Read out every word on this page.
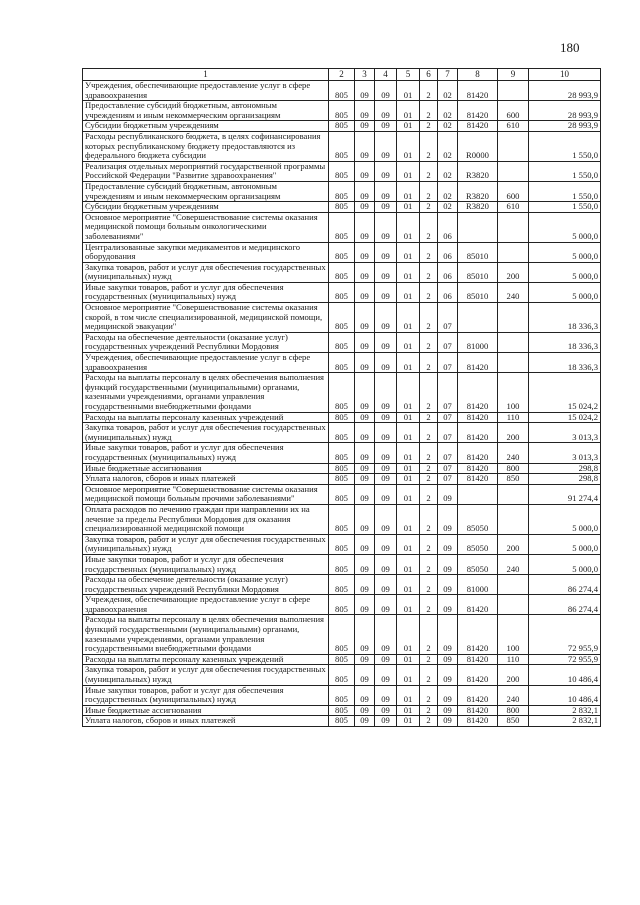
180
1	2	3	4	5	6	7	8	9	10
Учреждения, обеспечивающие предоставление услуг в сфере здравоохранения	805	09	09	01	2	02	81420		28 993,9
Предоставление субсидий бюджетным, автономным учреждениям и иным некоммерческим организациям	805	09	09	01	2	02	81420	600	28 993,9
Субсидии бюджетным учреждениям	805	09	09	01	2	02	81420	610	28 993,9
Расходы республиканского бюджета, в целях софинансирования которых республиканскому бюджету предоставляются из федерального бюджета субсидии	805	09	09	01	2	02	R0000		1 550,0
Реализация отдельных мероприятий государственной программы Российской Федерации "Развитие здравоохранения"	805	09	09	01	2	02	R3820		1 550,0
Предоставление субсидий бюджетным, автономным учреждениям и иным некоммерческим организациям	805	09	09	01	2	02	R3820	600	1 550,0
Субсидии бюджетным учреждениям	805	09	09	01	2	02	R3820	610	1 550,0
Основное мероприятие "Совершенствование системы оказания медицинской помощи больным онкологическими заболеваниями"	805	09	09	01	2	06			5 000,0
Централизованные закупки медикаментов и медицинского оборудования	805	09	09	01	2	06	85010		5 000,0
Закупка товаров, работ и услуг для обеспечения государственных (муниципальных) нужд	805	09	09	01	2	06	85010	200	5 000,0
Иные закупки товаров, работ и услуг для обеспечения государственных (муниципальных) нужд	805	09	09	01	2	06	85010	240	5 000,0
Основное мероприятие "Совершенствование системы оказания скорой, в том числе специализированной, медицинской помощи, медицинской эвакуации"	805	09	09	01	2	07			18 336,3
Расходы на обеспечение деятельности (оказание услуг) государственных учреждений Республики Мордовия	805	09	09	01	2	07	81000		18 336,3
Учреждения, обеспечивающие предоставление услуг в сфере здравоохранения	805	09	09	01	2	07	81420		18 336,3
Расходы на выплаты персоналу в целях обеспечения выполнения функций государственными (муниципальными) органами, казенными учреждениями, органами управления государственными внебюджетными фондами	805	09	09	01	2	07	81420	100	15 024,2
Расходы на выплаты персоналу казенных учреждений	805	09	09	01	2	07	81420	110	15 024,2
Закупка товаров, работ и услуг для обеспечения государственных (муниципальных) нужд	805	09	09	01	2	07	81420	200	3 013,3
Иные закупки товаров, работ и услуг для обеспечения государственных (муниципальных) нужд	805	09	09	01	2	07	81420	240	3 013,3
Иные бюджетные ассигнования	805	09	09	01	2	07	81420	800	298,8
Уплата налогов, сборов и иных платежей	805	09	09	01	2	07	81420	850	298,8
Основное мероприятие "Совершенствование системы оказания медицинской помощи больным прочими заболеваниями"	805	09	09	01	2	09			91 274,4
Оплата расходов по лечению граждан при направлении их на лечение за пределы Республики Мордовия для оказания специализированной медицинской помощи	805	09	09	01	2	09	85050		5 000,0
Закупка товаров, работ и услуг для обеспечения государственных (муниципальных) нужд	805	09	09	01	2	09	85050	200	5 000,0
Иные закупки товаров, работ и услуг для обеспечения государственных (муниципальных) нужд	805	09	09	01	2	09	85050	240	5 000,0
Расходы на обеспечение деятельности (оказание услуг) государственных учреждений Республики Мордовия	805	09	09	01	2	09	81000		86 274,4
Учреждения, обеспечивающие предоставление услуг в сфере здравоохранения	805	09	09	01	2	09	81420		86 274,4
Расходы на выплаты персоналу в целях обеспечения выполнения функций государственными (муниципальными) органами, казенными учреждениями, органами управления государственными внебюджетными фондами	805	09	09	01	2	09	81420	100	72 955,9
Расходы на выплаты персоналу казенных учреждений	805	09	09	01	2	09	81420	110	72 955,9
Закупка товаров, работ и услуг для обеспечения государственных (муниципальных) нужд	805	09	09	01	2	09	81420	200	10 486,4
Иные закупки товаров, работ и услуг для обеспечения государственных (муниципальных) нужд	805	09	09	01	2	09	81420	240	10 486,4
Иные бюджетные ассигнования	805	09	09	01	2	09	81420	800	2 832,1
Уплата налогов, сборов и иных платежей	805	09	09	01	2	09	81420	850	2 832,1
